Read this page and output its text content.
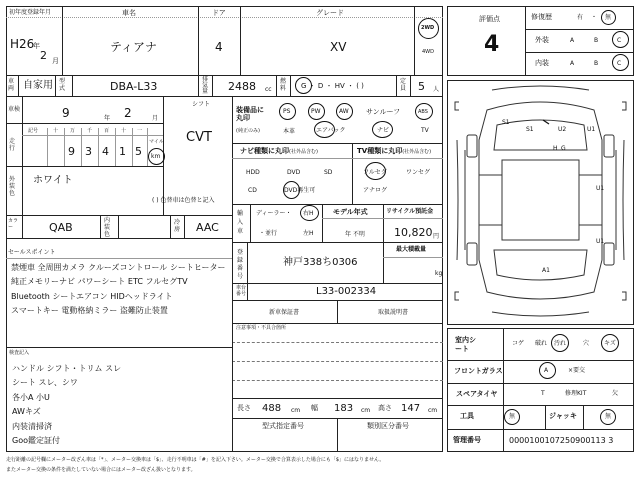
初年度登録年月
H26
年
2 月
車名
ティアナ
ドア
4
グレード
XV
2WD
4WD
車両 自家用 型式	DBA-L33
排気量 2488 cc
燃料 G ・ D ・ HV ・ ( )
定員 5 人
車検	9	年 2	月
シフト
CVT
走行
記号	十 万 千 百 十 一
9 3 4 1 5
マイル
km
外装色
ホワイト
( ) 色替車は色替と記入
カラー	QAB
内装色
冷房 AAC
装備品に丸印
(純正のみ)
PS	PW	AW サンルーフ	ABS
本革	エアバック	ナビ	TV
ナビ種類に丸印(社外品含む)	TV種類に丸印(社外品含む)
HDD	DVD	SD
CD	DVD再生可
フルセグ	ワンセグ
アナログ
輸入車
ディーラー・ 右H
・並行	左H
モデル年式
年 不明
リサイクル預託金
10,820 円
最大積載量
kg
登録番号
神戸338ち0306
車台番号	L33-002334
新車保証書	取扱説明書
注意事項・不具合箇所
セールスポイント
禁煙車 全周囲カメラ クルーズコントロール シートヒーター
純正メモリーナビ パワーシート ETC フルセグTV
Bluetooth シートエアコン HIDヘッドライト
スマートキー 電動格納ミラー 盗難防止装置
検査記入
ハンドル シフト・トリム スレ
シート スレ、シワ
各小A 小U
AWキズ
内装清掃済
Goo鑑定証付
長さ 488 cm 幅 183 cm 高さ 147 cm
型式指定番号	類別区分番号
評価点
4
修復歴	有 ・ 無
外装	A	B	C
内装	A	B	C
S1
S1	U2	U1
H G
U1
A1
U1
室内シート
コゲ 破れ 汚れ	穴 キズ
フロントガラス	A	×要交
スペアタイヤ	T	修理KIT	欠
工具	無	ジャッキ	無
管理番号	0000100107250900113 3
走行距離の記号欄にメーター改ざん車は「*」、メーター交換車は「$」、走行不明車は「#」を記入下さい。メーター交換で合算表示した場合にも「$」にはなりません。
またメーター交換の条件を満たしていない場合にはメーター改ざん扱いとなります。
